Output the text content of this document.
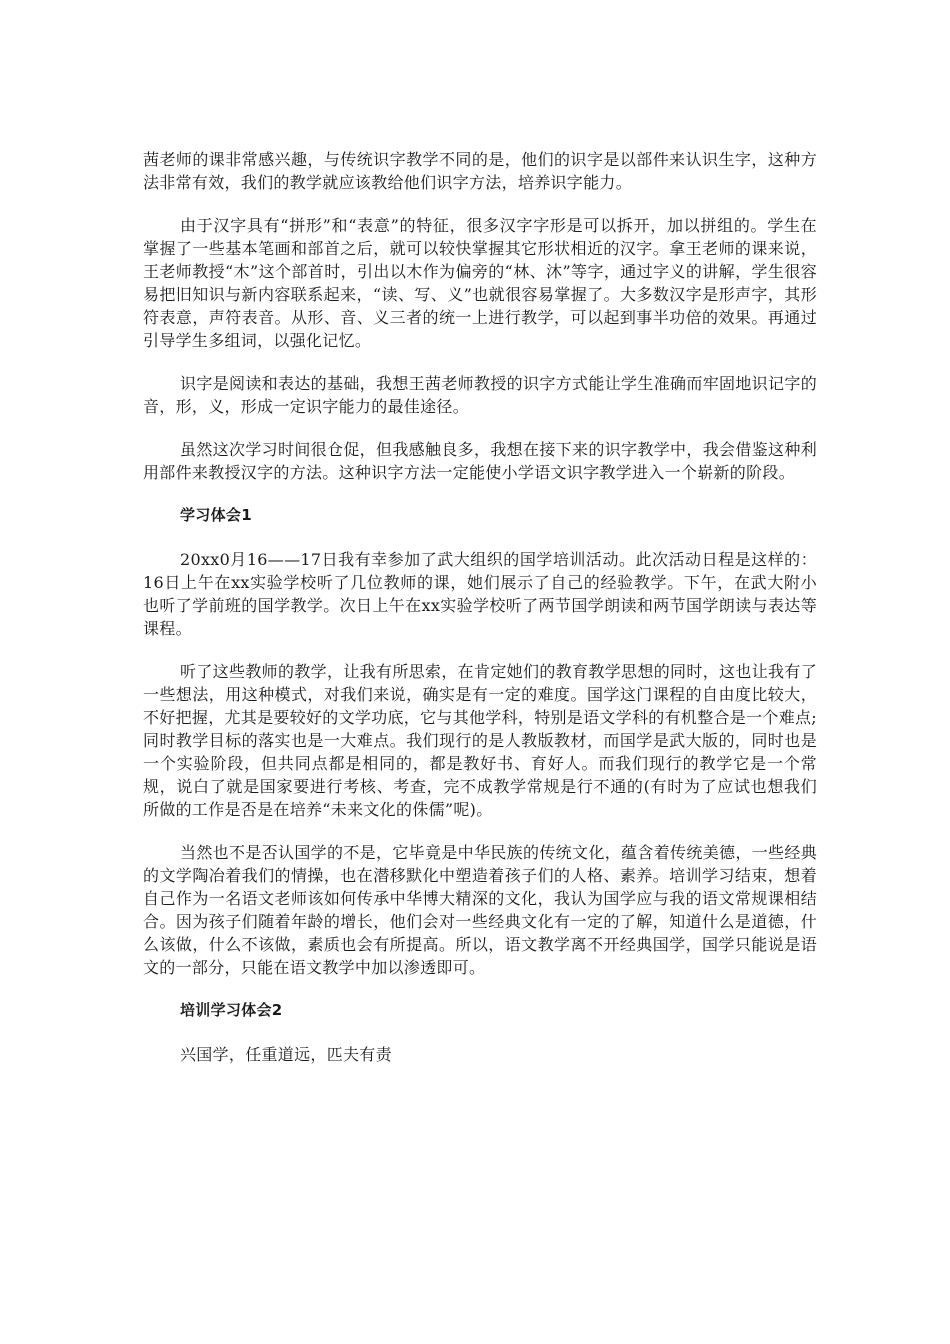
茜老师的课非常感兴趣，与传统识字教学不同的是，他们的识字是以部件来认识生字，这种方法非常有效，我们的教学就应该教给他们识字方法，培养识字能力。

由于汉字具有“拼形”和“表意”的特征，很多汉字字形是可以拆开，加以拼组的。学生在掌握了一些基本笔画和部首之后，就可以较快掌握其它形状相近的汉字。拿王老师的课来说，王老师教授“木”这个部首时，引出以木作为偏旁的“林、沐”等字，通过字义的讲解，学生很容易把旧知识与新内容联系起来，“读、写、义”也就很容易掌握了。大多数汉字是形声字，其形符表意，声符表音。从形、音、义三者的统一上进行教学，可以起到事半功倍的效果。再通过引导学生多组词，以强化记忆。

识字是阅读和表达的基础，我想王茜老师教授的识字方式能让学生准确而牢固地识记字的音，形，义，形成一定识字能力的最佳途径。

虽然这次学习时间很仓促，但我感触良多，我想在接下来的识字教学中，我会借鉴这种利用部件来教授汉字的方法。这种识字方法一定能使小学语文识字教学进入一个崭新的阶段。

学习体会1

20xx0月16——17日我有幸参加了武大组织的国学培训活动。此次活动日程是这样的：16日上午在xx实验学校听了几位教师的课，她们展示了自己的经验教学。下午，在武大附小也听了学前班的国学教学。次日上午在xx实验学校听了两节国学朗读和两节国学朗读与表达等课程。

听了这些教师的教学，让我有所思索，在肯定她们的教育教学思想的同时，这也让我有了一些想法，用这种模式，对我们来说，确实是有一定的难度。国学这门课程的自由度比较大，不好把握，尤其是要较好的文学功底，它与其他学科，特别是语文学科的有机整合是一个难点;同时教学目标的落实也是一大难点。我们现行的是人教版教材，而国学是武大版的，同时也是一个实验阶段，但共同点都是相同的，都是教好书、育好人。而我们现行的教学它是一个常规，说白了就是国家要进行考核、考查，完不成教学常规是行不通的(有时为了应试也想我们所做的工作是否是在培养“未来文化的侏儒”呢)。

当然也不是否认国学的不是，它毕竟是中华民族的传统文化，蕴含着传统美德，一些经典的文学陶冶着我们的情操，也在潜移默化中塑造着孩子们的人格、素养。培训学习结束，想着自己作为一名语文老师该如何传承中华博大精深的文化，我认为国学应与我的语文常规课相结合。因为孩子们随着年龄的增长，他们会对一些经典文化有一定的了解，知道什么是道德，什么该做，什么不该做，素质也会有所提高。所以，语文教学离不开经典国学，国学只能说是语文的一部分，只能在语文教学中加以渗透即可。

培训学习体会2

兴国学，任重道远，匹夫有责
